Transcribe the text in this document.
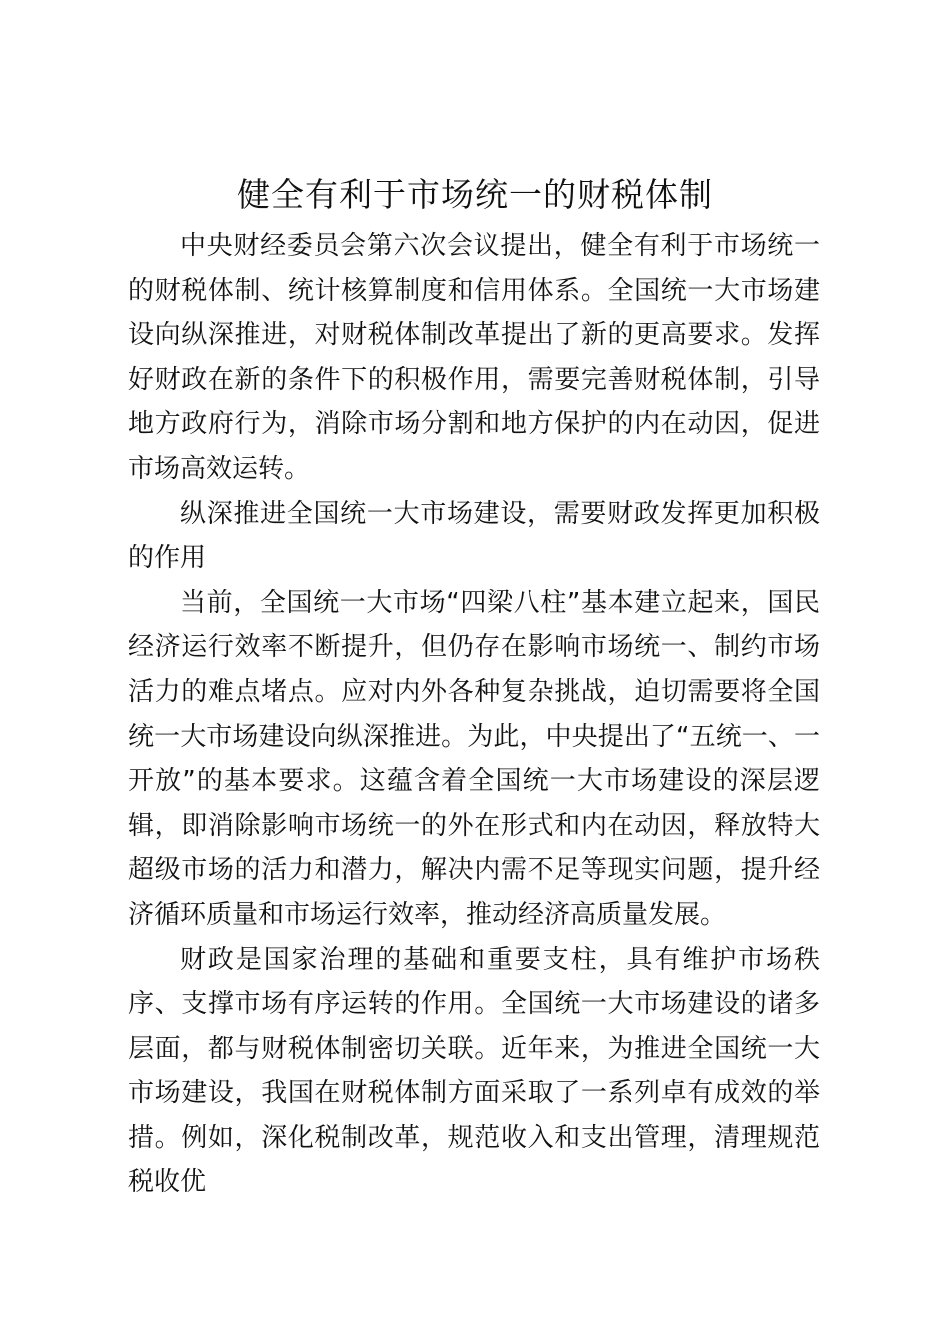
健全有利于市场统一的财税体制

中央财经委员会第六次会议提出，健全有利于市场统一的财税体制、统计核算制度和信用体系。全国统一大市场建设向纵深推进，对财税体制改革提出了新的更高要求。发挥好财政在新的条件下的积极作用，需要完善财税体制，引导地方政府行为，消除市场分割和地方保护的内在动因，促进市场高效运转。

纵深推进全国统一大市场建设，需要财政发挥更加积极的作用

当前，全国统一大市场“四梁八柱”基本建立起来，国民经济运行效率不断提升，但仍存在影响市场统一、制约市场活力的难点堵点。应对内外各种复杂挑战，迫切需要将全国统一大市场建设向纵深推进。为此，中央提出了“五统一、一开放”的基本要求。这蕴含着全国统一大市场建设的深层逻辑，即消除影响市场统一的外在形式和内在动因，释放特大超级市场的活力和潜力，解决内需不足等现实问题，提升经济循环质量和市场运行效率，推动经济高质量发展。

财政是国家治理的基础和重要支柱，具有维护市场秩序、支撑市场有序运转的作用。全国统一大市场建设的诸多层面，都与财税体制密切关联。近年来，为推进全国统一大市场建设，我国在财税体制方面采取了一系列卓有成效的举措。例如，深化税制改革，规范收入和支出管理，清理规范税收优
